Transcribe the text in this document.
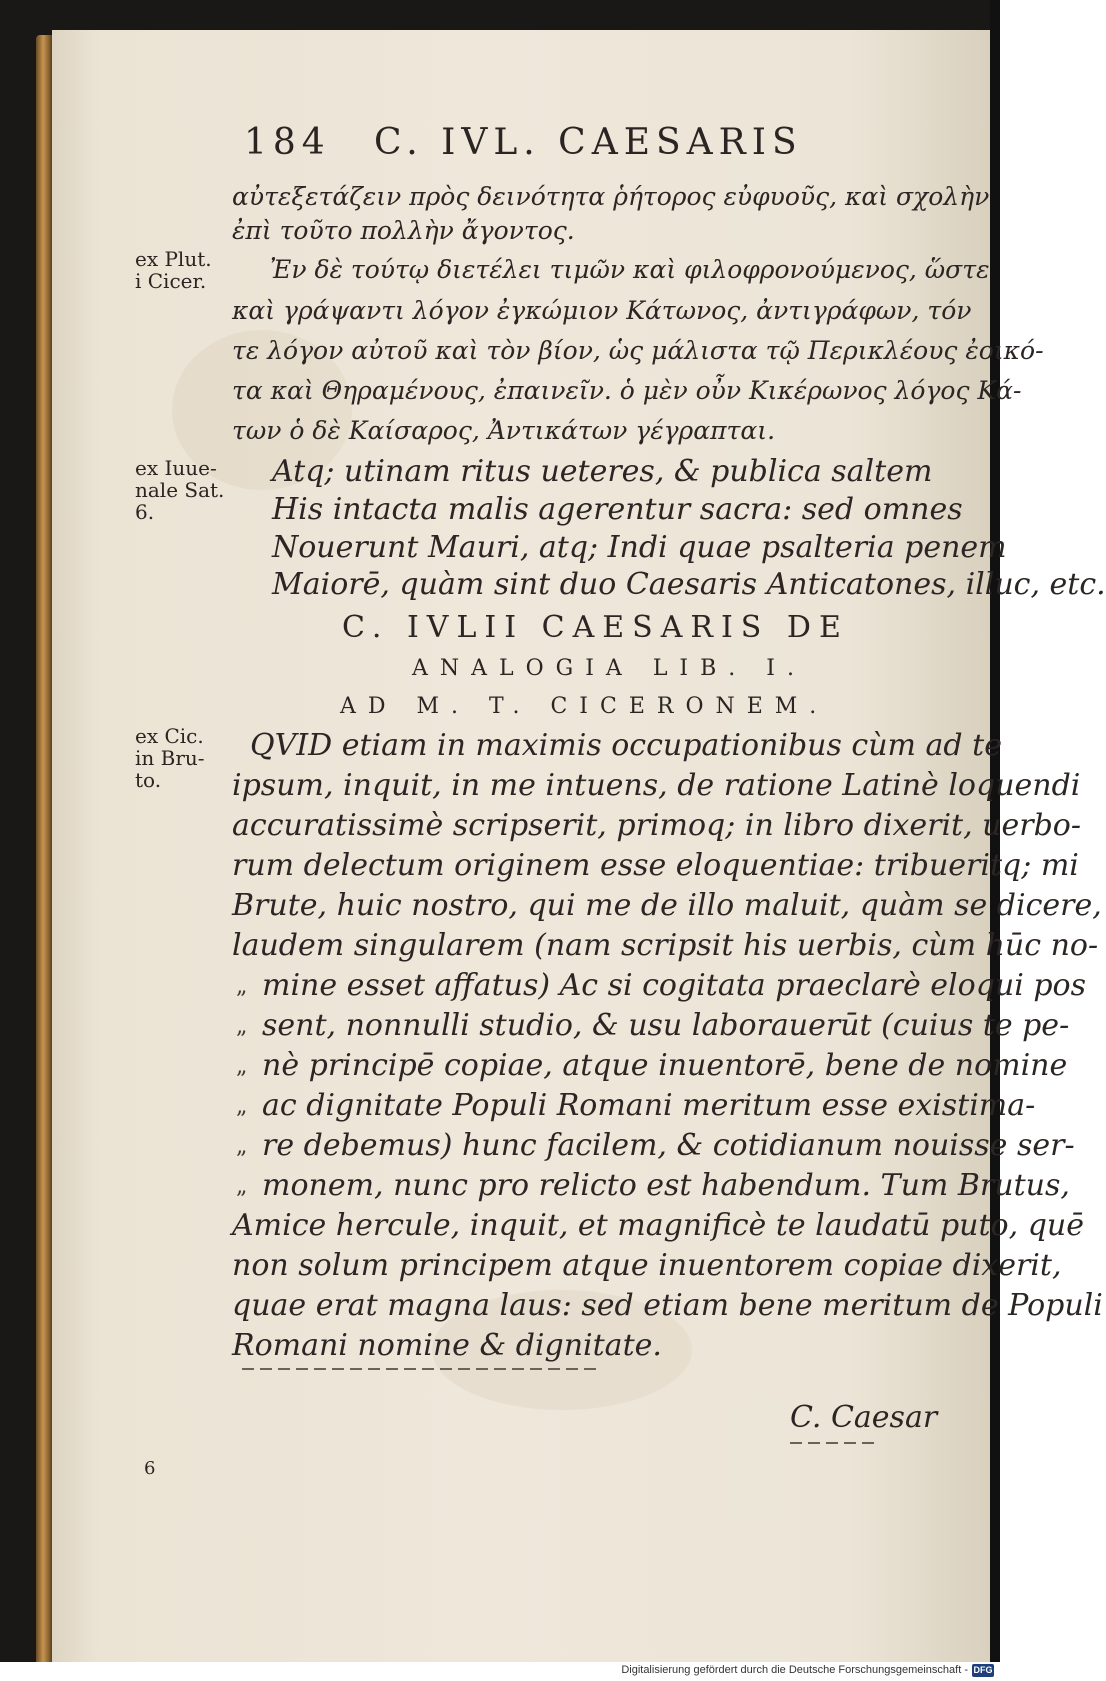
184 C. IVL. CAESARIS
ex Plut.
i Cicer.
ex Iuue-
nale Sat.
6.
ex Cic.
in Bru-
to.
αὐτεξετάζειν πρὸς δεινότητα ῥήτορος εὐφυοῦς, καὶ σχολὴν
ἐπὶ τοῦτο πολλὴν ἄγοντος.
Ἐν δὲ τούτῳ διετέλει τιμῶν καὶ φιλοφρονούμενος, ὥστε
καὶ γράψαντι λόγον ἐγκώμιον Κάτωνος, ἀντιγράφων, τόν
τε λόγον αὐτοῦ καὶ τὸν βίον, ὡς μάλιστα τῷ Περικλέους ἐοικό-
τα καὶ Θηραμένους, ἐπαινεῖν. ὁ μὲν οὖν Κικέρωνος λόγος Κά-
των ὁ δὲ Καίσαρος, Ἀντικάτων γέγραπται.
Atq; utinam ritus ueteres, & publica saltem
His intacta malis agerentur sacra: sed omnes
Nouerunt Mauri, atq; Indi quae psalteria penem
Maiorē, quàm sint duo Caesaris Anticatones, illuc, etc.
C. IVLII CAESARIS DE
ANALOGIA LIB. I.
AD M. T. CICERONEM.
QVID etiam in maximis occupationibus cùm ad te
ipsum, inquit, in me intuens, de ratione Latinè loquendi
accuratissimè scripserit, primoq; in libro dixerit, uerbo-
rum delectum originem esse eloquentiae: tribueritq; mi
Brute, huic nostro, qui me de illo maluit, quàm se dicere,
laudem singularem (nam scripsit his uerbis, cùm hūc no-
mine esset affatus) Ac si cogitata praeclarè eloqui pos
sent, nonnulli studio, & usu laborauerūt (cuius te pe-
nè principē copiae, atque inuentorē, bene de nomine
ac dignitate Populi Romani meritum esse existima-
re debemus) hunc facilem, & cotidianum nouisse ser-
monem, nunc pro relicto est habendum. Tum Brutus,
Amice hercule, inquit, et magnificè te laudatū puto, quē
non solum principem atque inuentorem copiae dixerit,
quae erat magna laus: sed etiam bene meritum de Populi
Romani nomine & dignitate.
„
„
„
„
„
„
C. Caesar
6
Digitalisierung gefördert durch die Deutsche Forschungsgemeinschaft - DFG
